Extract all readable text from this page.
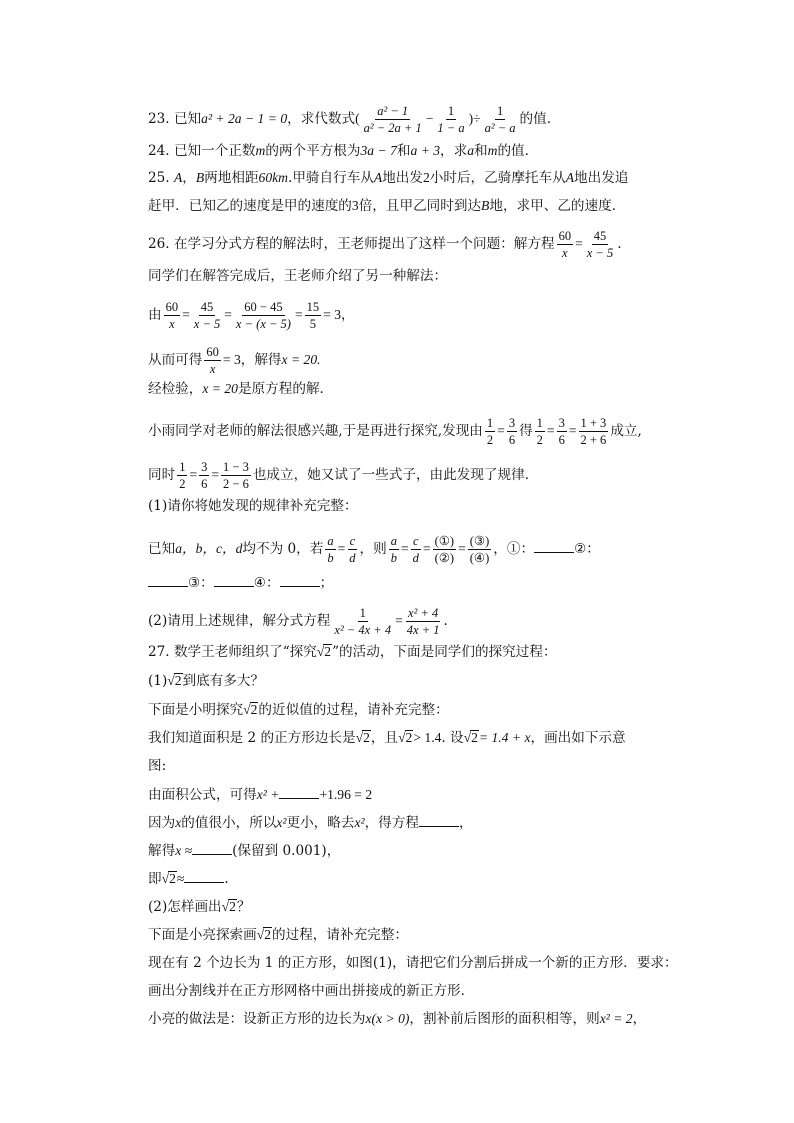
23. 已知a² + 2a − 1 = 0，求代数式( $\frac{\text{a² − 1}}{\text{a² − 2a + 1}} - \frac{1}{1 - a}$ )÷ $\frac{1}{\text{a² − a}}$ 的值.
24. 已知一个正数m的两个平方根为3a − 7和a + 3，求a和m的值.
25. A，B两地相距60km.甲骑自行车从A地出发2小时后，乙骑摩托车从A地出发追
赶甲．已知乙的速度是甲的速度的3倍，且甲乙同时到达B地，求甲、乙的速度．
26. 在学习分式方程的解法时，王老师提出了这样一个问题：解方程 $\frac{60}{x} = \frac{45}{x - 5}$ .
同学们在解答完成后，王老师介绍了另一种解法：
由 $\frac{60}{x} = \frac{45}{x - 5} = \frac{60 - 45}{x - (x - 5)} = \frac{15}{5} = 3$，
从而可得 $\frac{60}{x} = 3$，解得x = 20.
经检验，x = 20是原方程的解．
小雨同学对老师的解法很感兴趣,于是再进行探究,发现由 $\frac{1}{2} = \frac{3}{6}$ 得 $\frac{1}{2} = \frac{3}{6} = \frac{1 + 3}{2 + 6}$ 成立,
同时 $\frac{1}{2} = \frac{3}{6} = \frac{1 - 3}{2 - 6}$ 也成立，她又试了一些式子，由此发现了规律．
(1)请你将她发现的规律补充完整：
已知a，b，c，d均不为 0，若 $\frac{a}{b} = \frac{c}{d}$ ，则 $\frac{a}{b} = \frac{c}{d} = \frac{\text{(①)}}{\text{(②)}} = \frac{\text{(③)}}{\text{(④)}}$ ，①：	②：
③：	④：	；
(2)请用上述规律，解分式方程 $\frac{1}{\text{x² − 4x + 4}} = \frac{\text{x² + 4}}{4x + 1}$ .
27. 数学王老师组织了“探究√2”的活动，下面是同学们的探究过程：
(1)√2到底有多大？
下面是小明探究√2的近似值的过程，请补充完整：
我们知道面积是 2 的正方形边长是√2，且√2> 1.4. 设√2= 1.4 + x，画出如下示意
图:
由面积公式，可得x² +	+1.96 = 2
因为x的值很小，所以x²更小，略去x²，得方程	，
解得x ≈	(保留到 0.001)，
即√2≈	.
(2)怎样画出√2？
下面是小亮探索画√2的过程，请补充完整：
现在有 2 个边长为 1 的正方形，如图(1)，请把它们分割后拼成一个新的正方形．要求：
画出分割线并在正方形网格中画出拼接成的新正方形．
小亮的做法是：设新正方形的边长为x(x > 0)，割补前后图形的面积相等，则x² = 2，
